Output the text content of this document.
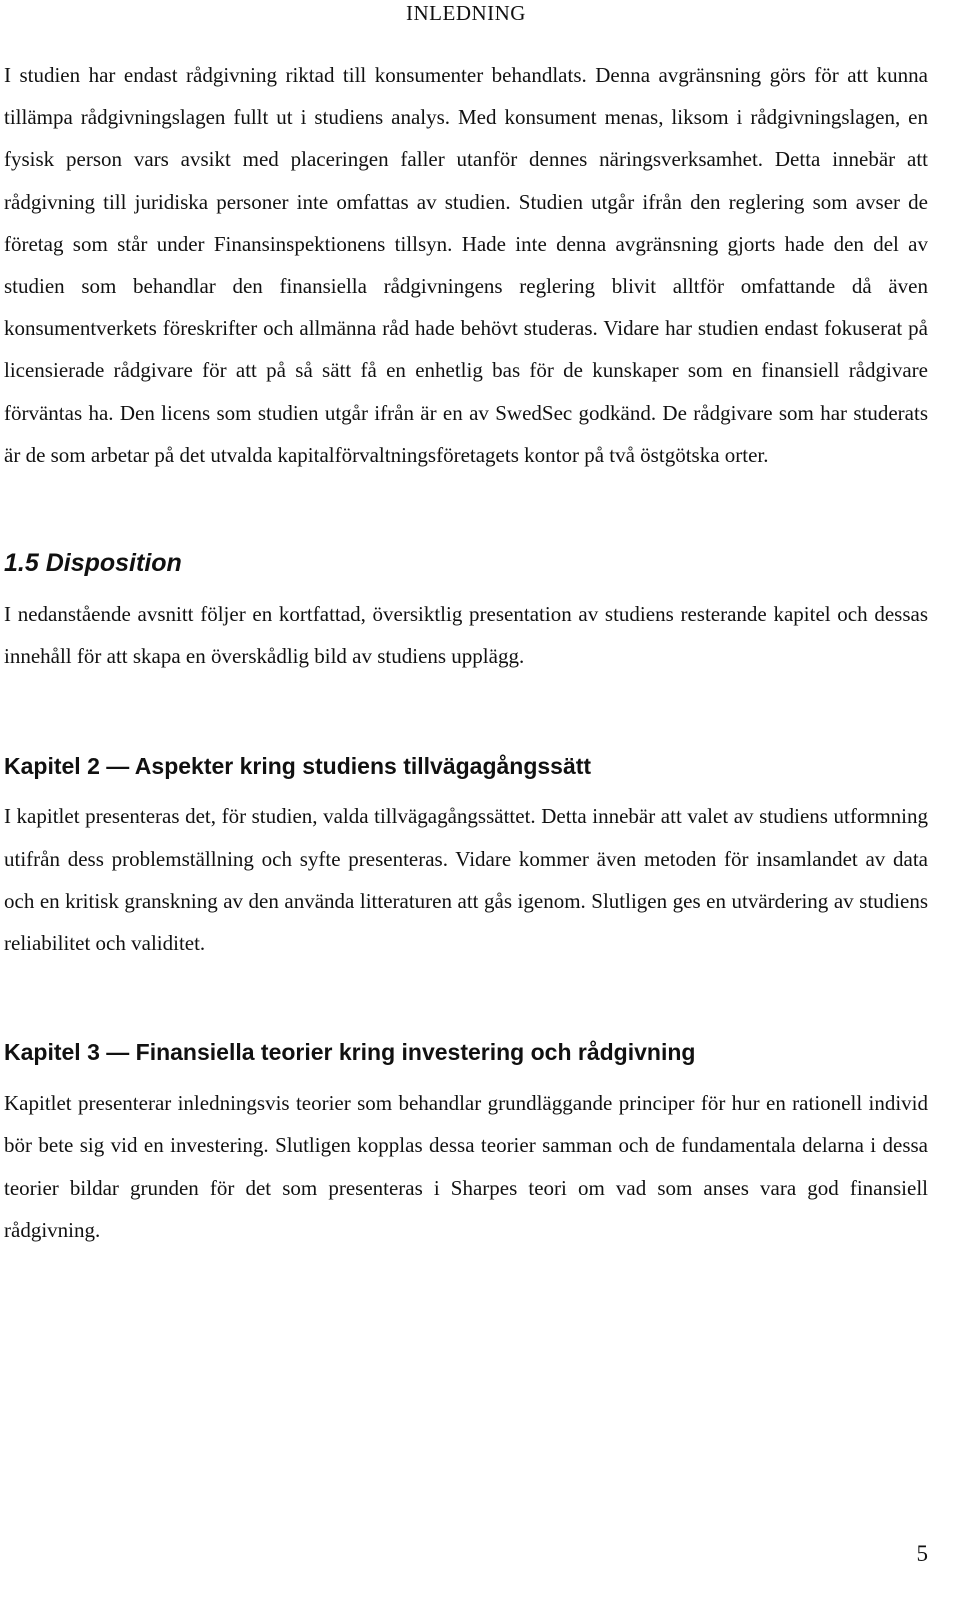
INLEDNING

I studien har endast rådgivning riktad till konsumenter behandlats. Denna avgränsning görs för att kunna tillämpa rådgivningslagen fullt ut i studiens analys. Med konsument menas, liksom i rådgivningslagen, en fysisk person vars avsikt med placeringen faller utanför dennes näringsverksamhet. Detta innebär att rådgivning till juridiska personer inte omfattas av studien. Studien utgår ifrån den reglering som avser de företag som står under Finansinspektionens tillsyn. Hade inte denna avgränsning gjorts hade den del av studien som behandlar den finansiella rådgivningens reglering blivit alltför omfattande då även konsumentverkets föreskrifter och allmänna råd hade behövt studeras. Vidare har studien endast fokuserat på licensierade rådgivare för att på så sätt få en enhetlig bas för de kunskaper som en finansiell rådgivare förväntas ha. Den licens som studien utgår ifrån är en av SwedSec godkänd. De rådgivare som har studerats är de som arbetar på det utvalda kapitalförvaltningsföretagets kontor på två östgötska orter.

1.5 Disposition

I nedanstående avsnitt följer en kortfattad, översiktlig presentation av studiens resterande kapitel och dessas innehåll för att skapa en överskådlig bild av studiens upplägg.

Kapitel 2 — Aspekter kring studiens tillvägagångssätt

I kapitlet presenteras det, för studien, valda tillvägagångssättet. Detta innebär att valet av studiens utformning utifrån dess problemställning och syfte presenteras. Vidare kommer även metoden för insamlandet av data och en kritisk granskning av den använda litteraturen att gås igenom. Slutligen ges en utvärdering av studiens reliabilitet och validitet.

Kapitel 3 — Finansiella teorier kring investering och rådgivning

Kapitlet presenterar inledningsvis teorier som behandlar grundläggande principer för hur en rationell individ bör bete sig vid en investering. Slutligen kopplas dessa teorier samman och de fundamentala delarna i dessa teorier bildar grunden för det som presenteras i Sharpes teori om vad som anses vara god finansiell rådgivning.

5
